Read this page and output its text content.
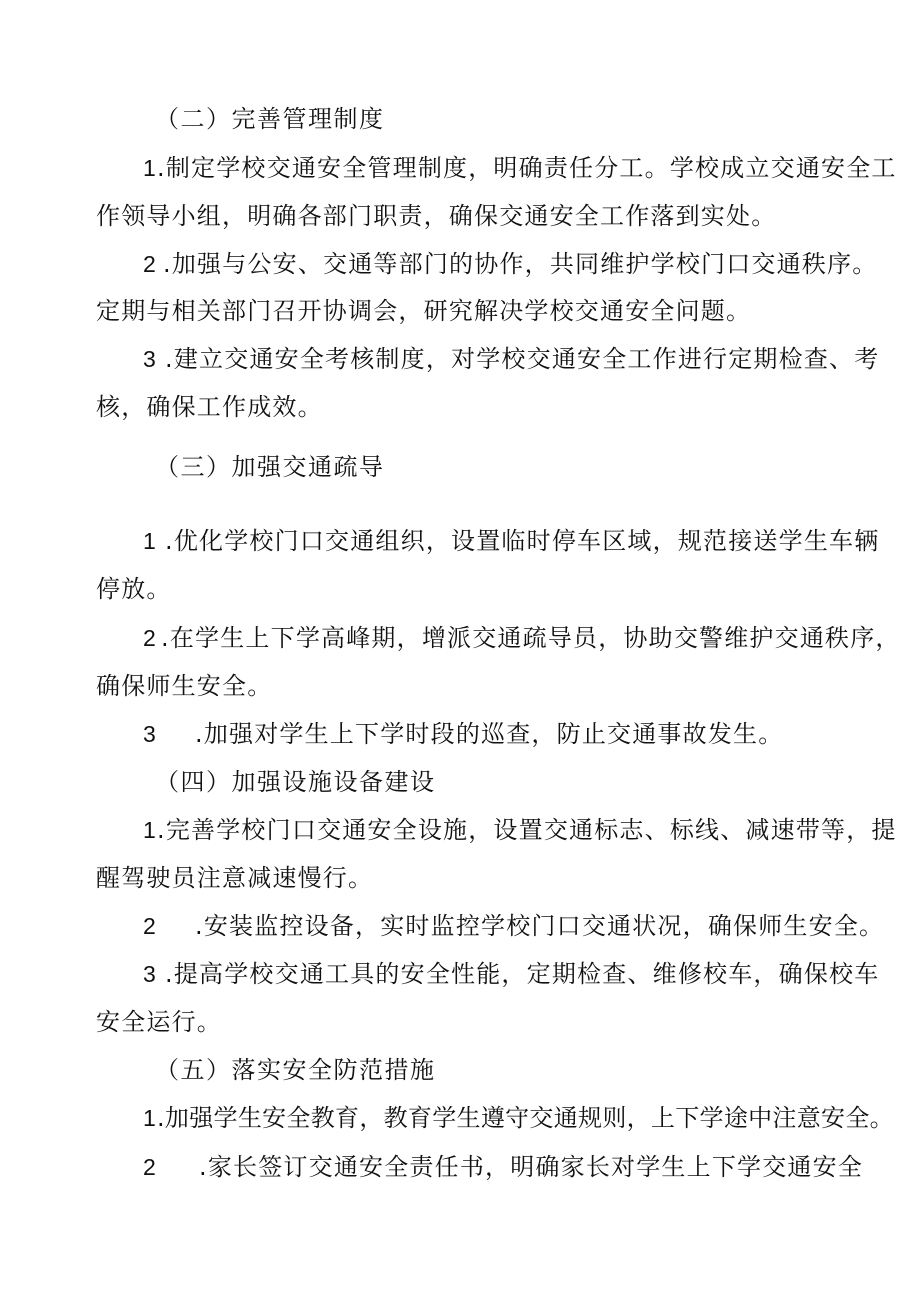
（二）完善管理制度
1.制定学校交通安全管理制度，明确责任分工。学校成立交通安全工
作领导小组，明确各部门职责，确保交通安全工作落到实处。
2 .加强与公安、交通等部门的协作，共同维护学校门口交通秩序。
定期与相关部门召开协调会，研究解决学校交通安全问题。
3 .建立交通安全考核制度，对学校交通安全工作进行定期检查、考
核，确保工作成效。
（三）加强交通疏导
1 .优化学校门口交通组织，设置临时停车区域，规范接送学生车辆
停放。
2 .在学生上下学高峰期，增派交通疏导员，协助交警维护交通秩序，
确保师生安全。
3 .加强对学生上下学时段的巡查，防止交通事故发生。
（四）加强设施设备建设
1.完善学校门口交通安全设施，设置交通标志、标线、减速带等，提
醒驾驶员注意减速慢行。
2 .安装监控设备，实时监控学校门口交通状况，确保师生安全。
3 .提高学校交通工具的安全性能，定期检查、维修校车，确保校车
安全运行。
（五）落实安全防范措施
1.加强学生安全教育，教育学生遵守交通规则，上下学途中注意安全。
2 .家长签订交通安全责任书，明确家长对学生上下学交通安全
